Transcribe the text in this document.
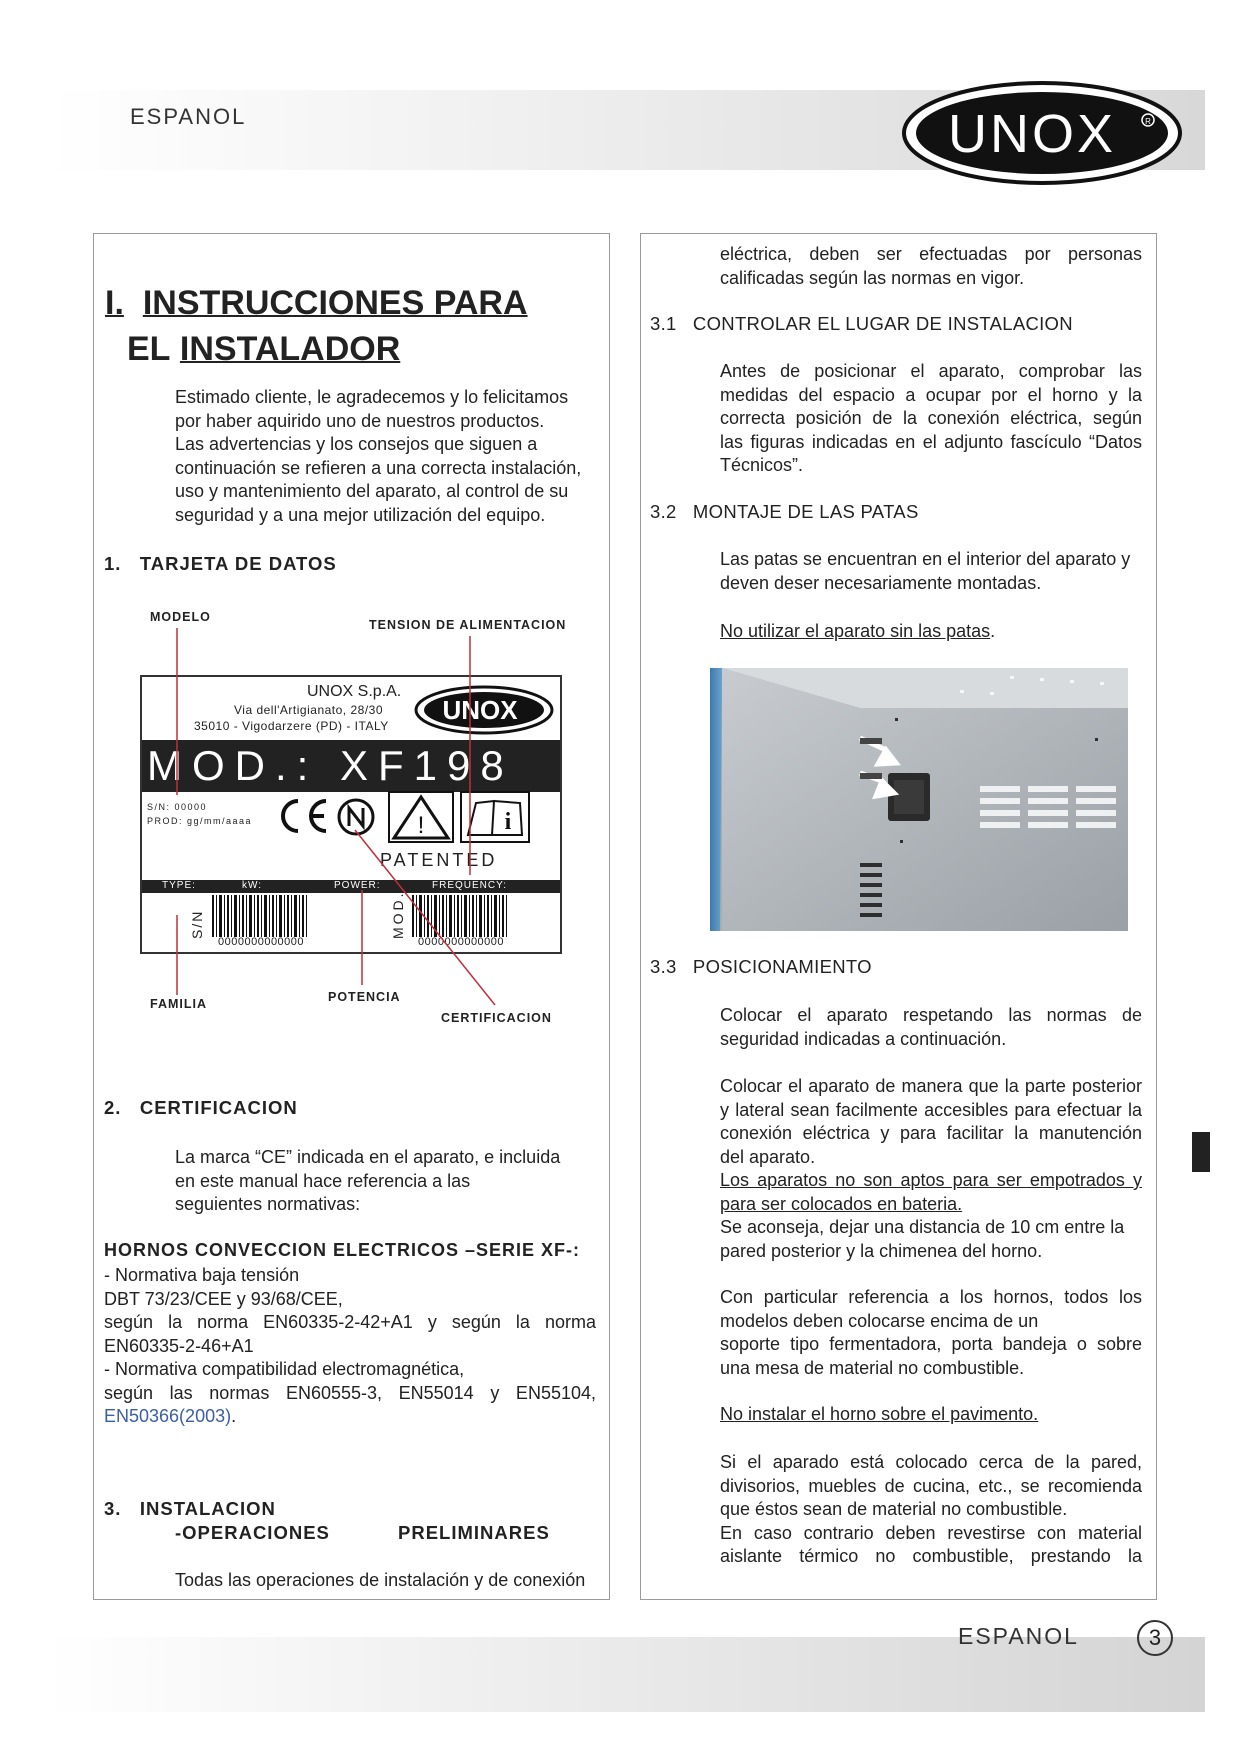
ESPANOL	UNOX	R
I. INSTRUCCIONES PARA
EL INSTALADOR
Estimado cliente, le agradecemos y lo felicitamos
por haber aquirido uno de nuestros productos.
Las advertencias y los consejos que siguen a
continuación se refieren a una correcta instalación,
uso y mantenimiento del aparato, al control de su
seguridad y a una mejor utilización del equipo.
1.   TARJETA DE DATOS
MODELO
TENSION DE ALIMENTACION
UNOX S.p.A.
Via dell'Artigianato, 28/30
35010 - Vigodarzere (PD) - ITALY
UNOX
MOD.: XF198
S/N: 00000
PROD: gg/mm/aaaa	!	i
PATENTED
TYPE:	kW:	POWER:	FREQUENCY:
S/N	MOD.
0000000000000	0000000000000
FAMILIA	POTENCIA
CERTIFICACION
2.   CERTIFICACION
La marca “CE” indicada en el aparato, e incluida
en este manual hace referencia a las
seguientes normativas:
HORNOS CONVECCION ELECTRICOS –SERIE XF-:
- Normativa baja tensión
DBT 73/23/CEE y 93/68/CEE,
según la norma EN60335-2-42+A1 y según la norma
EN60335-2-46+A1
- Normativa compatibilidad electromagnética,
según las normas EN60555-3, EN55014 y EN55104,
EN50366(2003).
3.   INSTALACION
-OPERACIONES	PRELIMINARES
Todas las operaciones de instalación y de conexión
eléctrica, deben ser efectuadas por personas
calificadas según las normas en vigor.
3.1   CONTROLAR EL LUGAR DE INSTALACION
Antes de posicionar el aparato, comprobar las
medidas del espacio a ocupar por el horno y la
correcta posición de la conexión eléctrica, según
las figuras indicadas en el adjunto fascículo “Datos
Técnicos”.
3.2   MONTAJE DE LAS PATAS
Las patas se encuentran en el interior del aparato y
deven deser necesariamente montadas.
No utilizar el aparato sin las patas.
3.3   POSICIONAMIENTO
Colocar el aparato respetando las normas de
seguridad indicadas a continuación.
Colocar el aparato de manera que la parte posterior
y lateral sean facilmente accesibles para efectuar la
conexión eléctrica y para facilitar la manutención
del aparato.
Los aparatos no son aptos para ser empotrados y
para ser colocados en bateria.
Se aconseja, dejar una distancia de 10 cm entre la
pared posterior y la chimenea del horno.
Con particular referencia a los hornos, todos los
modelos deben colocarse encima de un
soporte tipo fermentadora, porta bandeja o sobre
una mesa de material no combustible.
No instalar el horno sobre el pavimento.
Si el aparado está colocado cerca de la pared,
divisorios, muebles de cucina, etc., se recomienda
que éstos sean de material no combustible.
En caso contrario deben revestirse con material
aislante térmico no combustible, prestando la
ESPANOL	3
